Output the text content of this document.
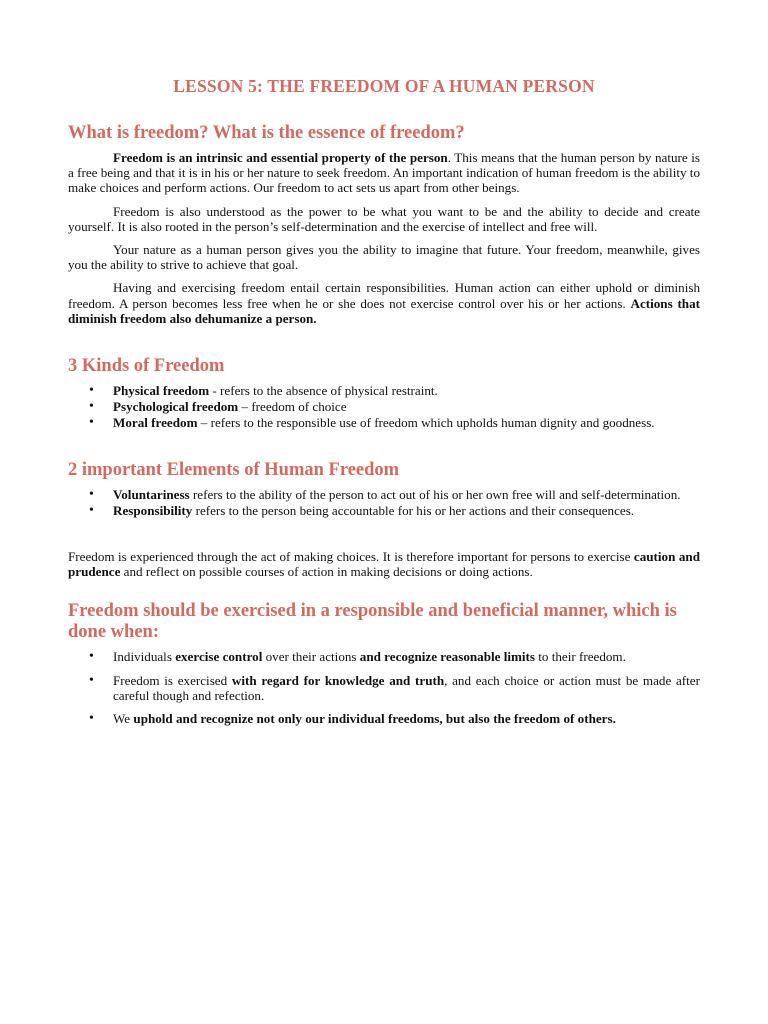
LESSON 5: THE FREEDOM OF A HUMAN PERSON
What is freedom? What is the essence of freedom?

Freedom is an intrinsic and essential property of the person. This means that the human person by nature is a free being and that it is in his or her nature to seek freedom. An important indication of human freedom is the ability to make choices and perform actions. Our freedom to act sets us apart from other beings.

Freedom is also understood as the power to be what you want to be and the ability to decide and create yourself. It is also rooted in the person’s self-determination and the exercise of intellect and free will.

Your nature as a human person gives you the ability to imagine that future. Your freedom, meanwhile, gives you the ability to strive to achieve that goal.

Having and exercising freedom entail certain responsibilities. Human action can either uphold or diminish freedom. A person becomes less free when he or she does not exercise control over his or her actions. Actions that diminish freedom also dehumanize a person.

3 Kinds of Freedom
• Physical freedom - refers to the absence of physical restraint.
• Psychological freedom – freedom of choice
• Moral freedom – refers to the responsible use of freedom which upholds human dignity and goodness.
2 important Elements of Human Freedom
• Voluntariness refers to the ability of the person to act out of his or her own free will and self-determination.
• Responsibility refers to the person being accountable for his or her actions and their consequences.

Freedom is experienced through the act of making choices. It is therefore important for persons to exercise caution and prudence and reflect on possible courses of action in making decisions or doing actions.

Freedom should be exercised in a responsible and beneficial manner, which is done when:
• Individuals exercise control over their actions and recognize reasonable limits to their freedom.
• Freedom is exercised with regard for knowledge and truth, and each choice or action must be made after careful though and refection.
• We uphold and recognize not only our individual freedoms, but also the freedom of others.
